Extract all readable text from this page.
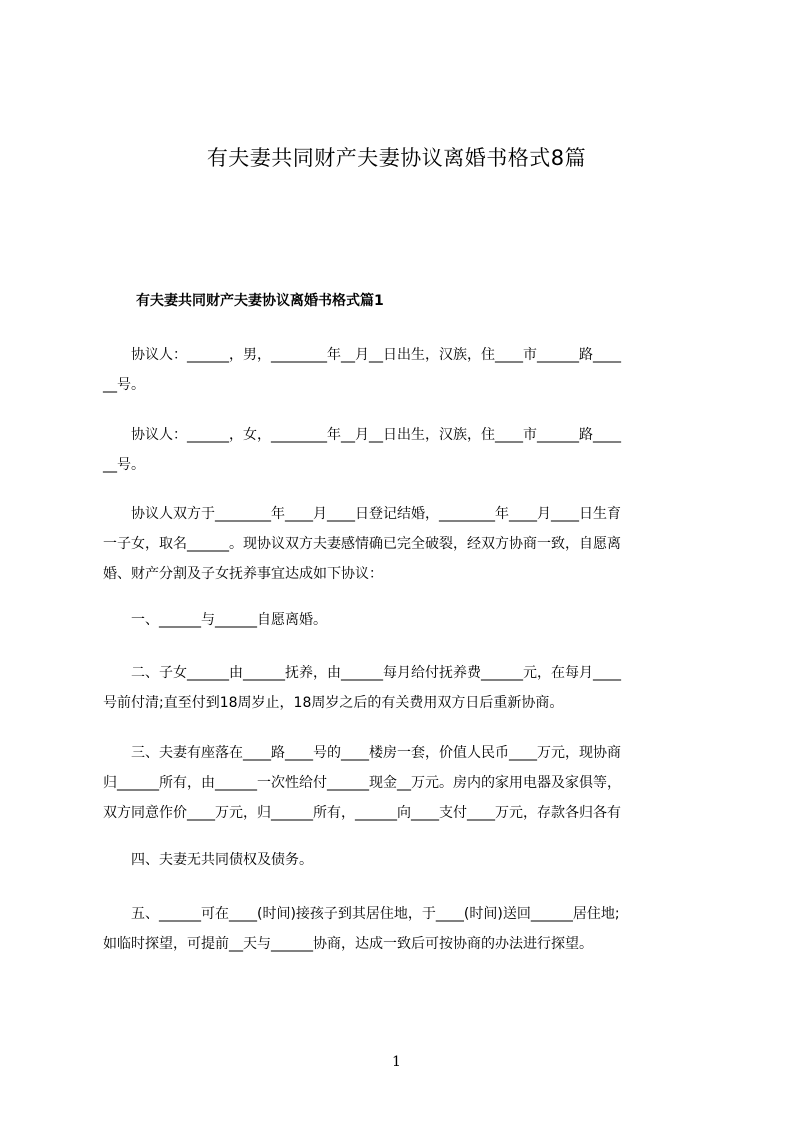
有夫妻共同财产夫妻协议离婚书格式8篇
有夫妻共同财产夫妻协议离婚书格式篇1

　　协议人：______，男，________年__月__日出生，汉族，住____市______路____

__号。

　　协议人：______，女，________年__月__日出生，汉族，住____市______路____

__号。

　　协议人双方于________年____月____日登记结婚，________年____月____日生育

一子女，取名______。现协议双方夫妻感情确已完全破裂，经双方协商一致，自愿离

婚、财产分割及子女抚养事宜达成如下协议：

　　一、______与______自愿离婚。

　　二、子女______由______抚养，由______每月给付抚养费______元，在每月____

号前付清;直至付到18周岁止，18周岁之后的有关费用双方日后重新协商。

　　三、夫妻有座落在____路____号的____楼房一套，价值人民币____万元，现协商

归______所有，由______一次性给付______现金__万元。房内的家用电器及家俱等，

双方同意作价____万元，归______所有，______向____支付____万元，存款各归各有

　　四、夫妻无共同债权及债务。

　　五、______可在____(时间)接孩子到其居住地，于____(时间)送回______居住地;

如临时探望，可提前__天与______协商，达成一致后可按协商的办法进行探望。

1
